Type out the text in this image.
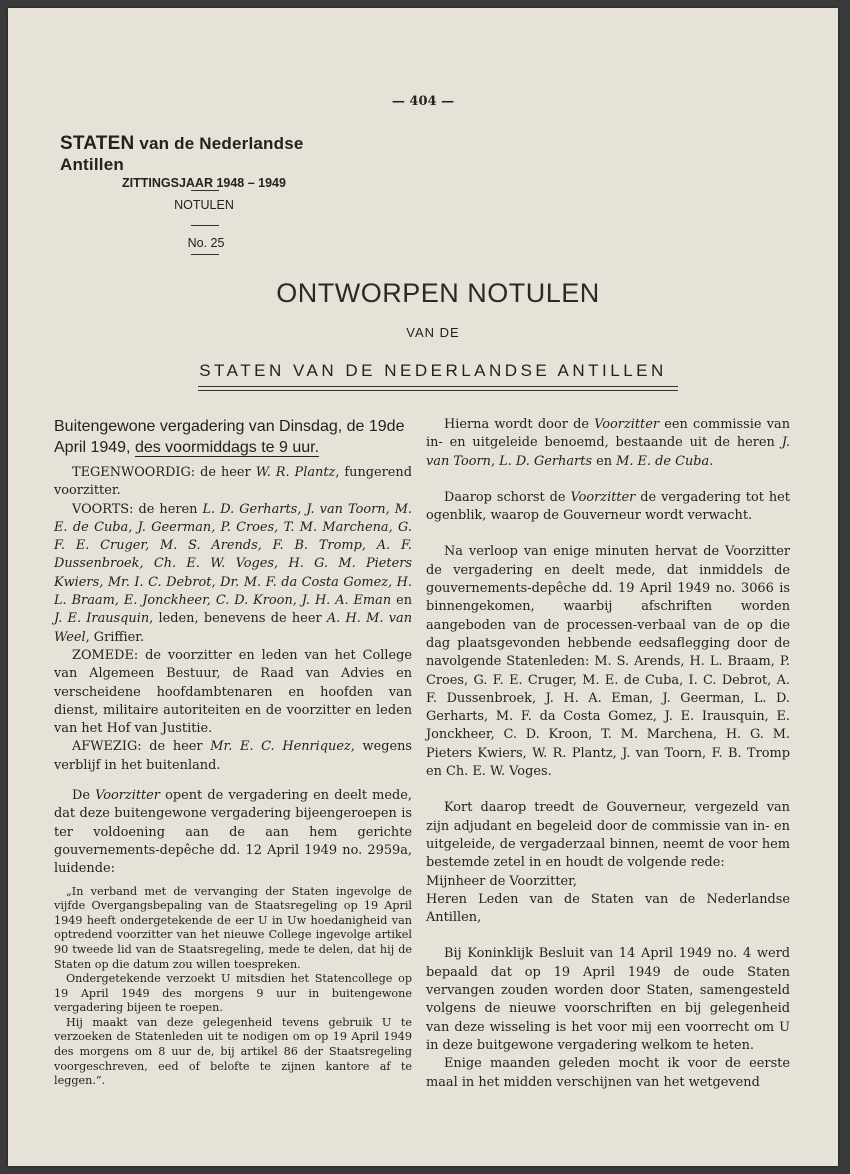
— 404 —
STATEN van de Nederlandse Antillen
ZITTINGSJAAR 1948 – 1949
NOTULEN
No. 25
ONTWORPEN NOTULEN
VAN DE
STATEN VAN DE NEDERLANDSE ANTILLEN

Buitengewone vergadering van Dinsdag, de 19de April 1949, des voormiddags te 9 uur.

TEGENWOORDIG: de heer W. R. Plantz, fungerend voorzitter.

VOORTS: de heren L. D. Gerharts, J. van Toorn, M. E. de Cuba, J. Geerman, P. Croes, T. M. Marchena, G. F. E. Cruger, M. S. Arends, F. B. Tromp, A. F. Dussenbroek, Ch. E. W. Voges, H. G. M. Pieters Kwiers, Mr. I. C. Debrot, Dr. M. F. da Costa Gomez, H. L. Braam, E. Jonckheer, C. D. Kroon, J. H. A. Eman en J. E. Irausquin, leden, benevens de heer A. H. M. van Weel, Griffier.

ZOMEDE: de voorzitter en leden van het College van Algemeen Bestuur, de Raad van Advies en verscheidene hoofdambtenaren en hoofden van dienst, militaire autoriteiten en de voorzitter en leden van het Hof van Justitie.

AFWEZIG: de heer Mr. E. C. Henriquez, wegens verblijf in het buitenland.

De Voorzitter opent de vergadering en deelt mede, dat deze buitengewone vergadering bijeengeroepen is ter voldoening aan de aan hem gerichte gouvernements-depêche dd. 12 April 1949 no. 2959a, luidende:

„In verband met de vervanging der Staten ingevolge de vijfde Overgangsbepaling van de Staatsregeling op 19 April 1949 heeft ondergetekende de eer U in Uw hoedanigheid van optredend voorzitter van het nieuwe College ingevolge artikel 90 tweede lid van de Staatsregeling, mede te delen, dat hij de Staten op die datum zou willen toespreken.

Ondergetekende verzoekt U mitsdien het Statencollege op 19 April 1949 des morgens 9 uur in buitengewone vergadering bijeen te roepen.

Hij maakt van deze gelegenheid tevens gebruik U te verzoeken de Statenleden uit te nodigen om op 19 April 1949 des morgens om 8 uur de, bij artikel 86 der Staatsregeling voorgeschreven, eed of belofte te zijnen kantore af te leggen.”.

Hierna wordt door de Voorzitter een commissie van in- en uitgeleide benoemd, bestaande uit de heren J. van Toorn, L. D. Gerharts en M. E. de Cuba.

Daarop schorst de Voorzitter de vergadering tot het ogenblik, waarop de Gouverneur wordt verwacht.

Na verloop van enige minuten hervat de Voorzitter de vergadering en deelt mede, dat inmiddels de gouvernements-depêche dd. 19 April 1949 no. 3066 is binnengekomen, waarbij afschriften worden aangeboden van de processen-verbaal van de op die dag plaatsgevonden hebbende eedsaflegging door de navolgende Statenleden: M. S. Arends, H. L. Braam, P. Croes, G. F. E. Cruger, M. E. de Cuba, I. C. Debrot, A. F. Dussenbroek, J. H. A. Eman, J. Geerman, L. D. Gerharts, M. F. da Costa Gomez, J. E. Irausquin, E. Jonckheer, C. D. Kroon, T. M. Marchena, H. G. M. Pieters Kwiers, W. R. Plantz, J. van Toorn, F. B. Tromp en Ch. E. W. Voges.

Kort daarop treedt de Gouverneur, vergezeld van zijn adjudant en begeleid door de commissie van in- en uitgeleide, de vergaderzaal binnen, neemt de voor hem bestemde zetel in en houdt de volgende rede:

Mijnheer de Voorzitter,

Heren Leden van de Staten van de Nederlandse Antillen,

Bij Koninklijk Besluit van 14 April 1949 no. 4 werd bepaald dat op 19 April 1949 de oude Staten vervangen zouden worden door Staten, samengesteld volgens de nieuwe voorschriften en bij gelegenheid van deze wisseling is het voor mij een voorrecht om U in deze buitgewone vergadering welkom te heten.

Enige maanden geleden mocht ik voor de eerste maal in het midden verschijnen van het wetgevend
